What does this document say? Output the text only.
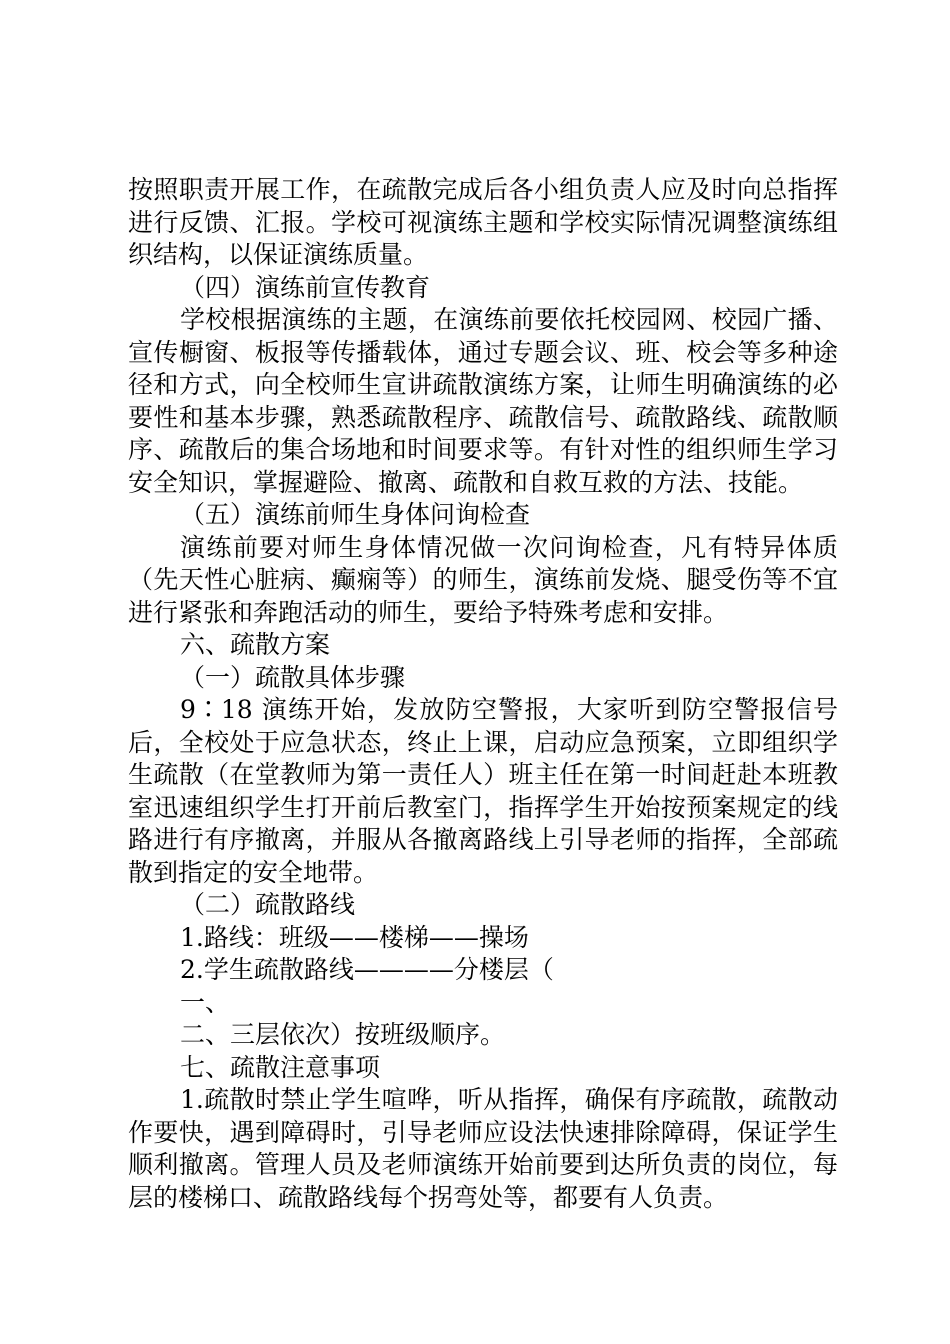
按照职责开展工作，在疏散完成后各小组负责人应及时向总指挥进行反馈、汇报。学校可视演练主题和学校实际情况调整演练组织结构，以保证演练质量。

（四）演练前宣传教育

学校根据演练的主题，在演练前要依托校园网、校园广播、宣传橱窗、板报等传播载体，通过专题会议、班、校会等多种途径和方式，向全校师生宣讲疏散演练方案，让师生明确演练的必要性和基本步骤，熟悉疏散程序、疏散信号、疏散路线、疏散顺序、疏散后的集合场地和时间要求等。有针对性的组织师生学习安全知识，掌握避险、撤离、疏散和自救互救的方法、技能。

（五）演练前师生身体问询检查

演练前要对师生身体情况做一次问询检查，凡有特异体质（先天性心脏病、癫痫等）的师生，演练前发烧、腿受伤等不宜进行紧张和奔跑活动的师生，要给予特殊考虑和安排。

六、疏散方案

（一）疏散具体步骤

9∶18 演练开始，发放防空警报，大家听到防空警报信号后，全校处于应急状态，终止上课，启动应急预案，立即组织学生疏散（在堂教师为第一责任人）班主任在第一时间赶赴本班教室迅速组织学生打开前后教室门，指挥学生开始按预案规定的线路进行有序撤离，并服从各撤离路线上引导老师的指挥，全部疏散到指定的安全地带。

（二）疏散路线

1.路线：班级——楼梯——操场

2.学生疏散路线————分楼层（

一、

二、三层依次）按班级顺序。

七、疏散注意事项

1.疏散时禁止学生喧哗，听从指挥，确保有序疏散，疏散动作要快，遇到障碍时，引导老师应设法快速排除障碍，保证学生顺利撤离。管理人员及老师演练开始前要到达所负责的岗位，每层的楼梯口、疏散路线每个拐弯处等，都要有人负责。
